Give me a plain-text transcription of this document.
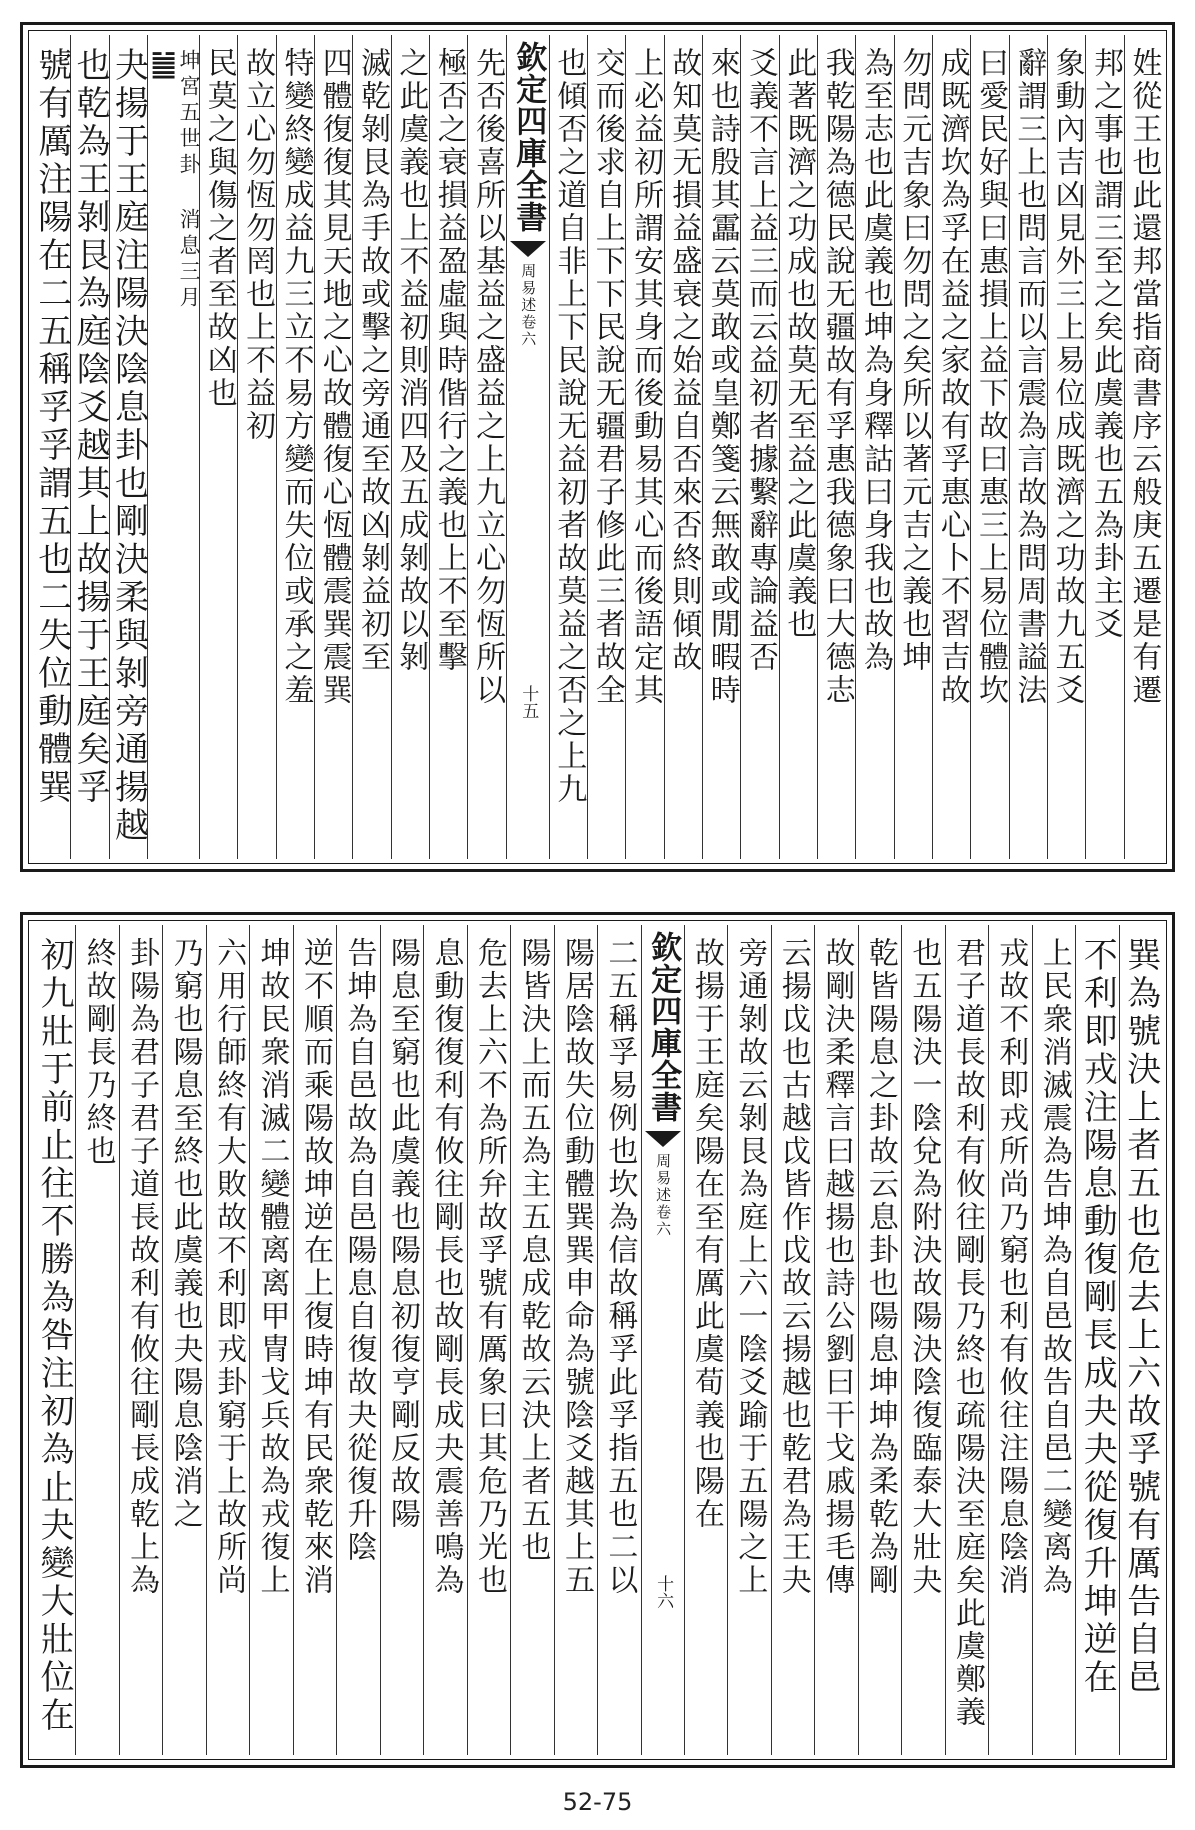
姓從王也此還邦當指商書序云般庚五遷是有遷
邦之事也謂三至之矣此虞義也五為卦主爻
象動內吉凶見外三上易位成既濟之功故九五爻
辭謂三上也問言而以言震為言故為問周書謚法
曰愛民好與曰惠損上益下故曰惠三上易位體坎
成既濟坎為孚在益之家故有孚惠心卜不習吉故
勿問元吉象曰勿問之矣所以著元吉之義也坤
為至志也此虞義也坤為身釋詁曰身我也故為
我乾陽為德民說无疆故有孚惠我德象曰大德志
此著既濟之功成也故莫无至益之此虞義也
爻義不言上益三而云益初者據繫辭專論益否
來也詩殷其靁云莫敢或皇鄭箋云無敢或閒暇時
故知莫无損益盛衰之始益自否來否終則傾故
上必益初所謂安其身而後動易其心而後語定其
交而後求自上下下民說无疆君子修此三者故全
也傾否之道自非上下民說无益初者故莫益之否之上九
欽定四庫全書
周易述
卷六
十五
先否後喜所以基益之盛益之上九立心勿恆所以
極否之衰損益盈虛與時偕行之義也上不至擊
之此虞義也上不益初則消四及五成剝故以剝
滅乾剝艮為手故或擊之旁通至故凶剝益初至
四體復復其見天地之心故體復心恆體震巽震巽
特變終變成益九三立不易方變而失位或承之羞
故立心勿恆勿罔也上不益初
民莫之與傷之者至故凶也
䷪
坤宮五世卦 消息三月
夬揚于王庭注陽決陰息卦也剛決柔與剝旁通揚越
也乾為王剝艮為庭陰爻越其上故揚于王庭矣孚
號有厲注陽在二五稱孚孚謂五也二失位動體巽
巽為號決上者五也危去上六故孚號有厲告自邑
不利即戎注陽息動復剛長成夬夬從復升坤逆在
上民衆消滅震為告坤為自邑故告自邑二變离為
戎故不利即戎所尚乃窮也利有攸往注陽息陰消
君子道長故利有攸往剛長乃終也疏陽決至庭矣此虞鄭義
也五陽決一陰兌為附決故陽決陰復臨泰大壯夬
乾皆陽息之卦故云息卦也陽息坤坤為柔乾為剛
故剛決柔釋言曰越揚也詩公劉曰干戈戚揚毛傳
云揚戉也古越戉皆作戉故云揚越也乾君為王夬
旁通剝故云剝艮為庭上六一陰爻踰于五陽之上
故揚于王庭矣陽在至有厲此虞荀義也陽在
欽定四庫全書
周易述
卷六
十六
二五稱孚易例也坎為信故稱孚此孚指五也二以
陽居陰故失位動體巽巽申命為號陰爻越其上五
陽皆決上而五為主五息成乾故云決上者五也
危去上六不為所弁故孚號有厲象曰其危乃光也
息動復復利有攸往剛長也故剛長成夬震善鳴為
陽息至窮也此虞義也陽息初復亨剛反故陽
告坤為自邑故為自邑陽息自復故夬從復升陰
逆不順而乘陽故坤逆在上復時坤有民衆乾來消
坤故民衆消滅二變體离离甲冑戈兵故為戎復上
六用行師終有大敗故不利即戎卦窮于上故所尚
乃窮也陽息至終也此虞義也夬陽息陰消之
卦陽為君子君子道長故利有攸往剛長成乾上為
終故剛長乃終也
初九壯于前止往不勝為咎注初為止夬變大壯位在
52-75
